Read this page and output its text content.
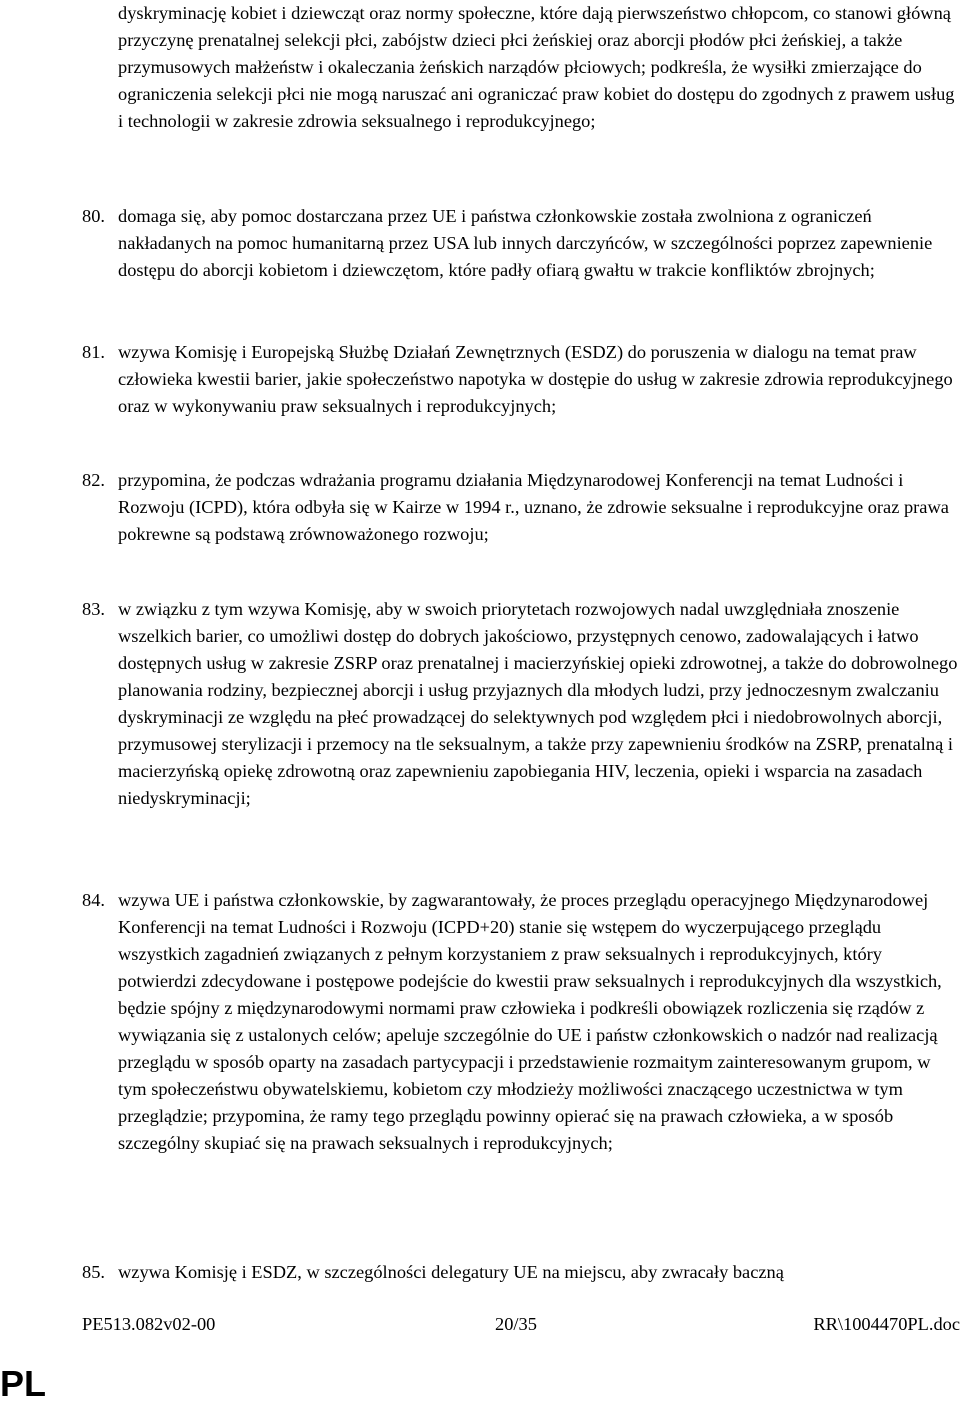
dyskryminację kobiet i dziewcząt oraz normy społeczne, które dają pierwszeństwo chłopcom, co stanowi główną przyczynę prenatalnej selekcji płci, zabójstw dzieci płci żeńskiej oraz aborcji płodów płci żeńskiej, a także przymusowych małżeństw i okaleczania żeńskich narządów płciowych; podkreśla, że wysiłki zmierzające do ograniczenia selekcji płci nie mogą naruszać ani ograniczać praw kobiet do dostępu do zgodnych z prawem usług i technologii w zakresie zdrowia seksualnego i reprodukcyjnego;
80. domaga się, aby pomoc dostarczana przez UE i państwa członkowskie została zwolniona z ograniczeń nakładanych na pomoc humanitarną przez USA lub innych darczyńców, w szczególności poprzez zapewnienie dostępu do aborcji kobietom i dziewczętom, które padły ofiarą gwałtu w trakcie konfliktów zbrojnych;
81. wzywa Komisję i Europejską Służbę Działań Zewnętrznych (ESDZ) do poruszenia w dialogu na temat praw człowieka kwestii barier, jakie społeczeństwo napotyka w dostępie do usług w zakresie zdrowia reprodukcyjnego oraz w wykonywaniu praw seksualnych i reprodukcyjnych;
82. przypomina, że podczas wdrażania programu działania Międzynarodowej Konferencji na temat Ludności i Rozwoju (ICPD), która odbyła się w Kairze w 1994 r., uznano, że zdrowie seksualne i reprodukcyjne oraz prawa pokrewne są podstawą zrównoważonego rozwoju;
83. w związku z tym wzywa Komisję, aby w swoich priorytetach rozwojowych nadal uwzględniała znoszenie wszelkich barier, co umożliwi dostęp do dobrych jakościowo, przystępnych cenowo, zadowalających i łatwo dostępnych usług w zakresie ZSRP oraz prenatalnej i macierzyńskiej opieki zdrowotnej, a także do dobrowolnego planowania rodziny, bezpiecznej aborcji i usług przyjaznych dla młodych ludzi, przy jednoczesnym zwalczaniu dyskryminacji ze względu na płeć prowadzącej do selektywnych pod względem płci i niedobrowolnych aborcji, przymusowej sterylizacji i przemocy na tle seksualnym, a także przy zapewnieniu środków na ZSRP, prenatalną i macierzyńską opiekę zdrowotną oraz zapewnieniu zapobiegania HIV, leczenia, opieki i wsparcia na zasadach niedyskryminacji;
84. wzywa UE i państwa członkowskie, by zagwarantowały, że proces przeglądu operacyjnego Międzynarodowej Konferencji na temat Ludności i Rozwoju (ICPD+20) stanie się wstępem do wyczerpującego przeglądu wszystkich zagadnień związanych z pełnym korzystaniem z praw seksualnych i reprodukcyjnych, który potwierdzi zdecydowane i postępowe podejście do kwestii praw seksualnych i reprodukcyjnych dla wszystkich, będzie spójny z międzynarodowymi normami praw człowieka i podkreśli obowiązek rozliczenia się rządów z wywiązania się z ustalonych celów; apeluje szczególnie do UE i państw członkowskich o nadzór nad realizacją przeglądu w sposób oparty na zasadach partycypacji i przedstawienie rozmaitym zainteresowanym grupom, w tym społeczeństwu obywatelskiemu, kobietom czy młodzieży możliwości znaczącego uczestnictwa w tym przeglądzie; przypomina, że ramy tego przeglądu powinny opierać się na prawach człowieka, a w sposób szczególny skupiać się na prawach seksualnych i reprodukcyjnych;
85. wzywa Komisję i ESDZ, w szczególności delegatury UE na miejscu, aby zwracały baczną
PE513.082v02-00	20/35	RR\1004470PL.doc
PL
